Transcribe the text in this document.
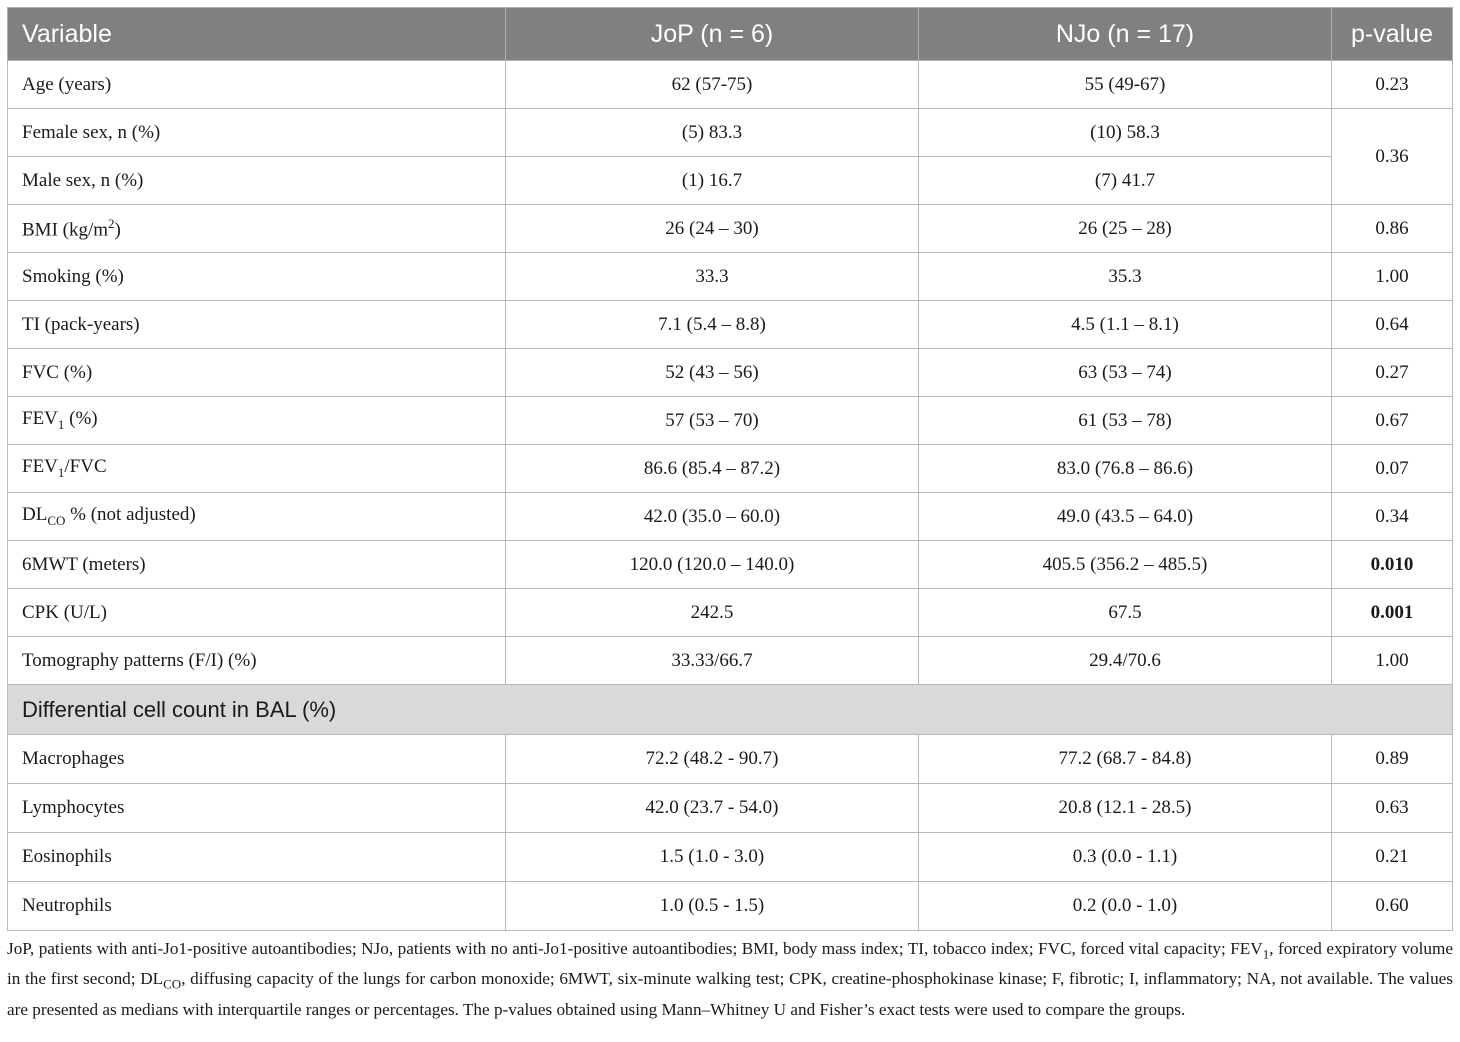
Variable	JoP (n = 6)	NJo (n = 17)	p-value
Age (years)	62 (57-75)	55 (49-67)	0.23
Female sex, n (%)	(5) 83.3	(10) 58.3	0.36
Male sex, n (%)	(1) 16.7	(7) 41.7	
BMI $(kg/m^2)$	26 (24 – 30)	26 (25 – 28)	0.86
Smoking (%)	33.3	35.3	1.00
TI (pack-years)	7.1 (5.4 – 8.8)	4.5 (1.1 – 8.1)	0.64
FVC (%)	52 (43 – 56)	63 (53 – 74)	0.27
$FEV_1$ (%)	57 (53 – 70)	61 (53 – 78)	0.67
$FEV_1$/FVC	86.6 (85.4 – 87.2)	83.0 (76.8 – 86.6)	0.07
$DL_{CO}$ % (not adjusted)	42.0 (35.0 – 60.0)	49.0 (43.5 – 64.0)	0.34
6MWT (meters)	120.0 (120.0 – 140.0)	405.5 (356.2 – 485.5)	0.010
CPK (U/L)	242.5	67.5	0.001
Tomography patterns (F/I) (%)	33.33/66.7	29.4/70.6	1.00
Differential cell count in BAL (%)			
Macrophages	72.2 (48.2 - 90.7)	77.2 (68.7 - 84.8)	0.89
Lymphocytes	42.0 (23.7 - 54.0)	20.8 (12.1 - 28.5)	0.63
Eosinophils	1.5 (1.0 - 3.0)	0.3 (0.0 - 1.1)	0.21
Neutrophils	1.0 (0.5 - 1.5)	0.2 (0.0 - 1.0)	0.60

JoP, patients with anti-Jo1-positive autoantibodies; NJo, patients with no anti-Jo1-positive autoantibodies; BMI, body mass index; TI, tobacco index; FVC, forced vital capacity; $FEV_1$, forced expiratory volume in the first second; $DL_{CO}$, diffusing capacity of the lungs for carbon monoxide; 6MWT, six-minute walking test; CPK, creatine-phosphokinase kinase; F, fibrotic; I, inflammatory; NA, not available. The values are presented as medians with interquartile ranges or percentages. The p-values obtained using Mann–Whitney U and Fisher’s exact tests were used to compare the groups.
